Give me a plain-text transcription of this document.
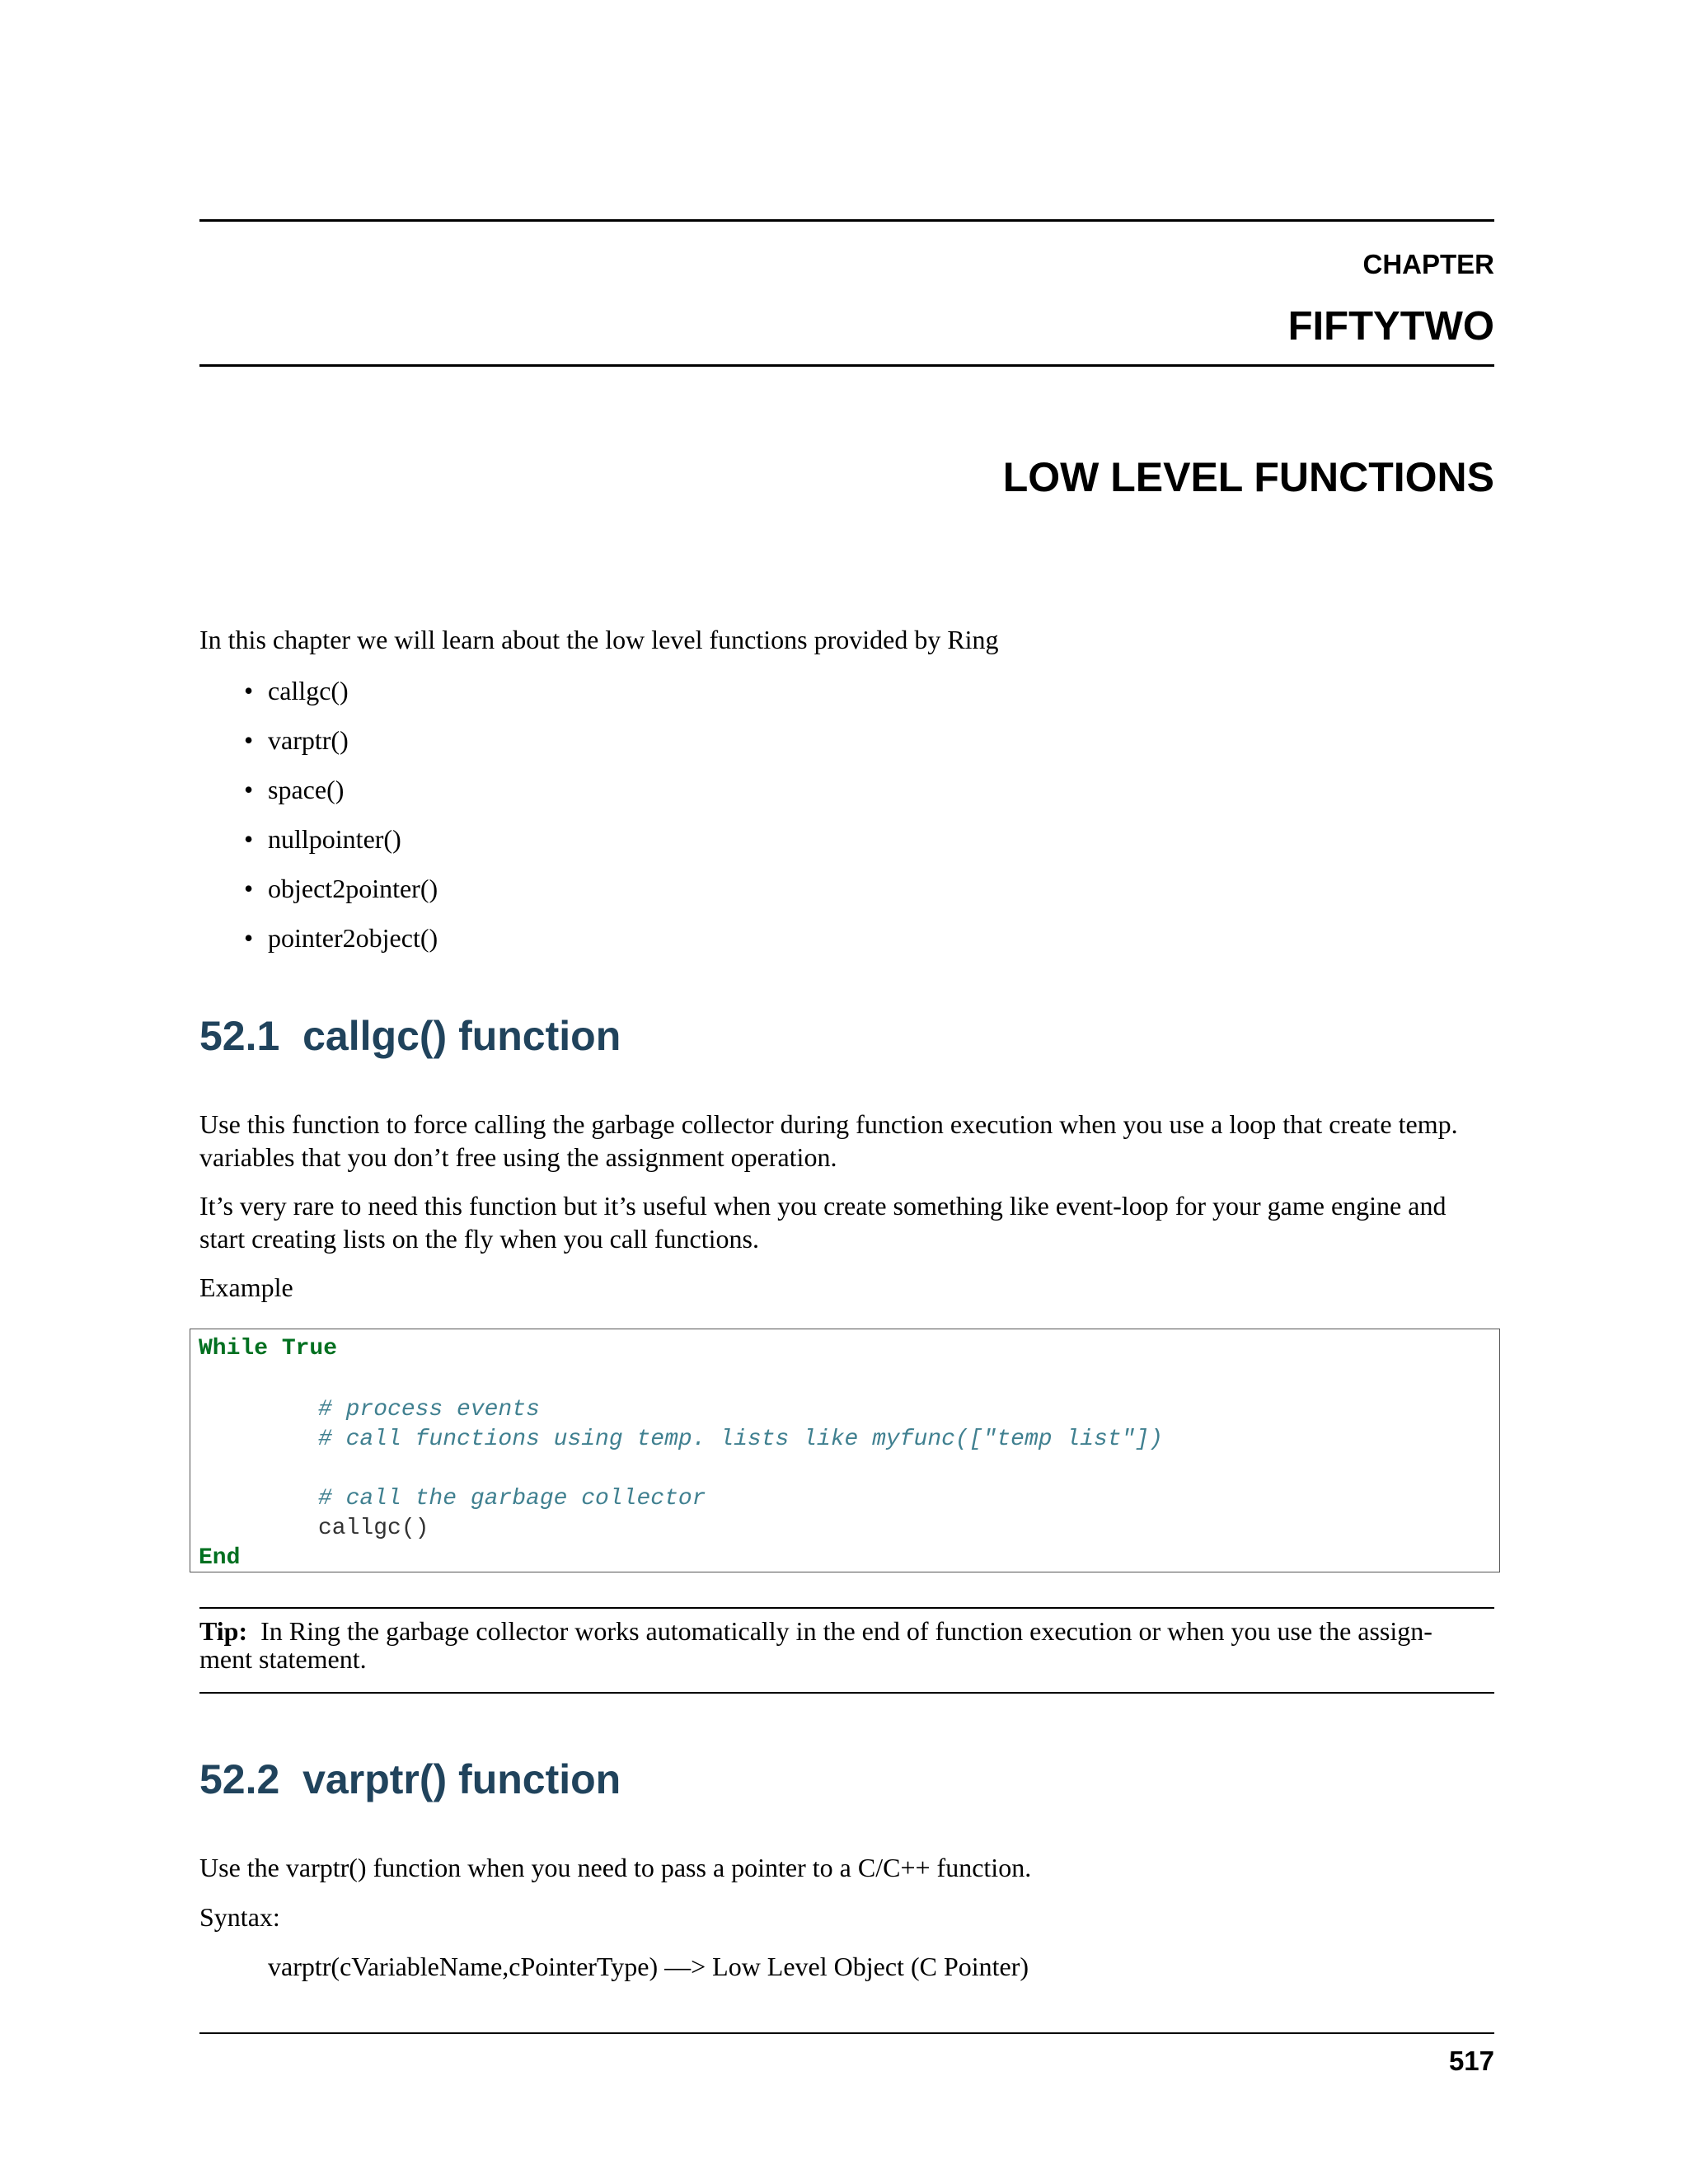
CHAPTER
FIFTYTWO
LOW LEVEL FUNCTIONS
In this chapter we will learn about the low level functions provided by Ring
• callgc()
• varptr()
• space()
• nullpointer()
• object2pointer()
• pointer2object()
52.1 callgc() function
Use this function to force calling the garbage collector during function execution when you use a loop that create temp.
variables that you don’t free using the assignment operation.
It’s very rare to need this function but it’s useful when you create something like event-loop for your game engine and
start creating lists on the fly when you call functions.
Example
While True
# process events
# call functions using temp. lists like myfunc(["temp list"])
# call the garbage collector
callgc()
End
Tip: In Ring the garbage collector works automatically in the end of function execution or when you use the assign-
ment statement.
52.2 varptr() function
Use the varptr() function when you need to pass a pointer to a C/C++ function.
Syntax:
varptr(cVariableName,cPointerType) —> Low Level Object (C Pointer)
517
